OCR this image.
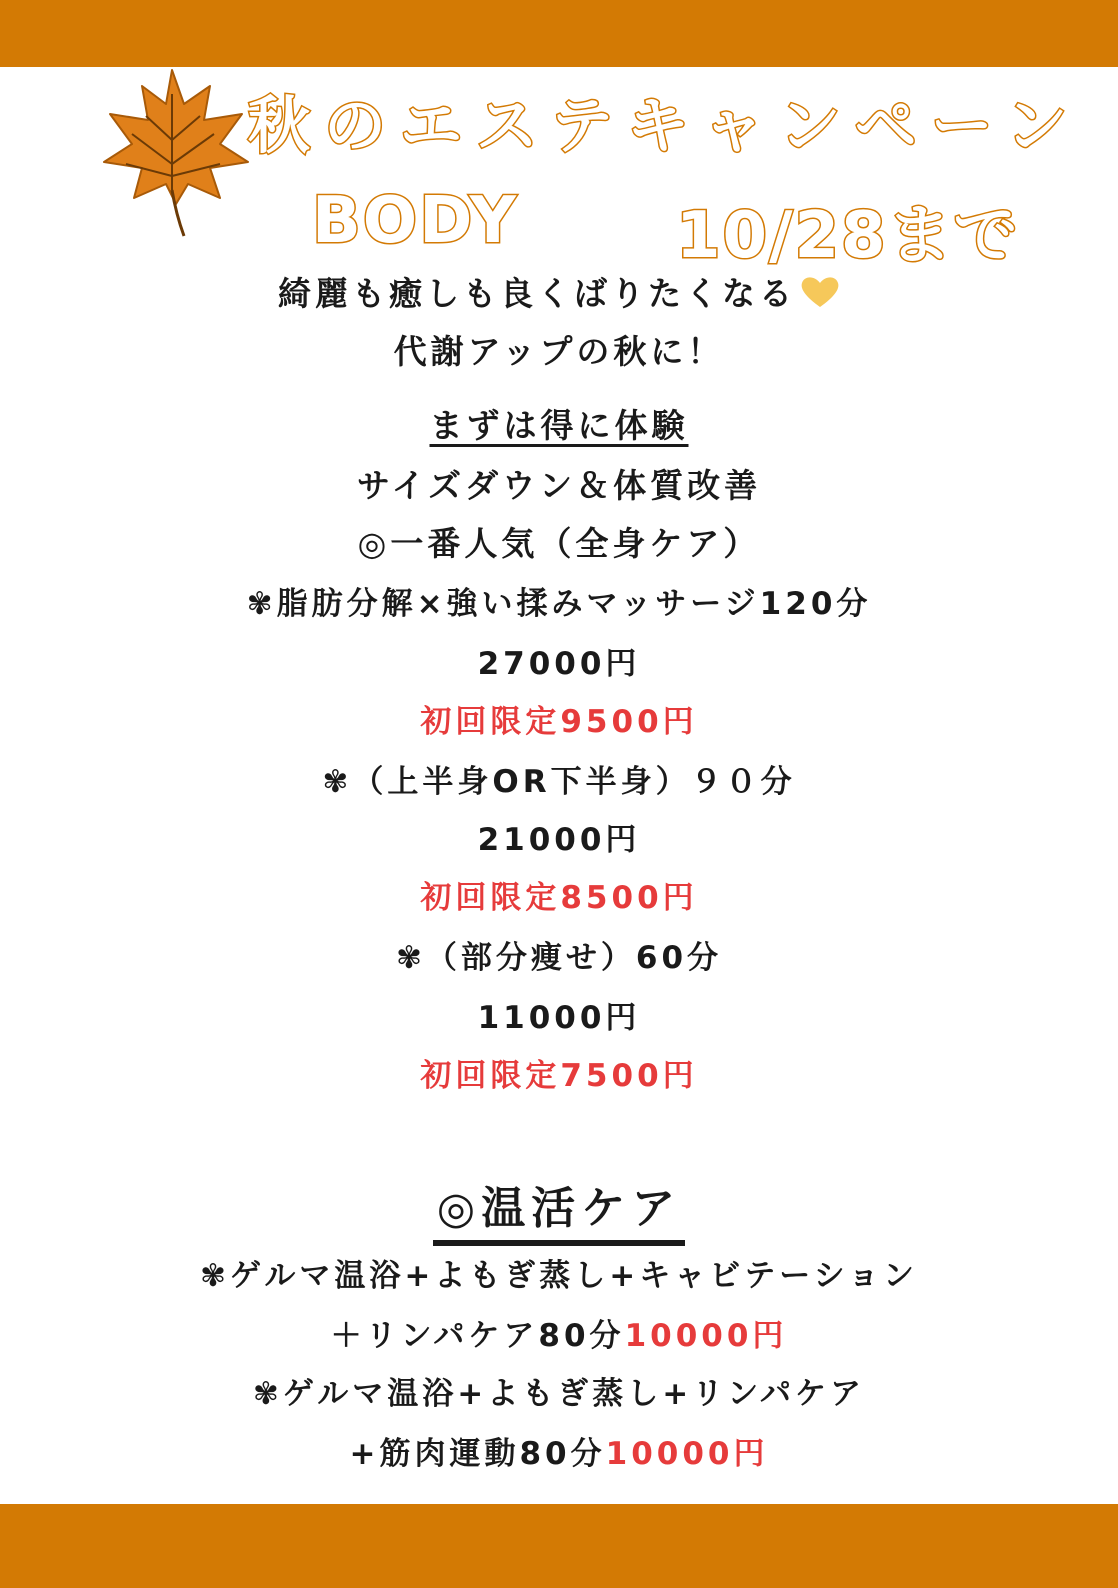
秋のエステキャンペーン
BODY 10/28まで
綺麗も癒しも良くばりたくなる
代謝アップの秋に！
まずは得に体験
サイズダウン＆体質改善
◎一番人気（全身ケア）
✾脂肪分解×強い揉みマッサージ120分
27000円
初回限定9500円
✾（上半身OR下半身）９０分
21000円
初回限定8500円
✾（部分痩せ）60分
11000円
初回限定7500円
◎温活ケア
✾ゲルマ温浴+よもぎ蒸し+キャビテーション
＋リンパケア80分10000円
✾ゲルマ温浴+よもぎ蒸し+リンパケア
+筋肉運動80分10000円
